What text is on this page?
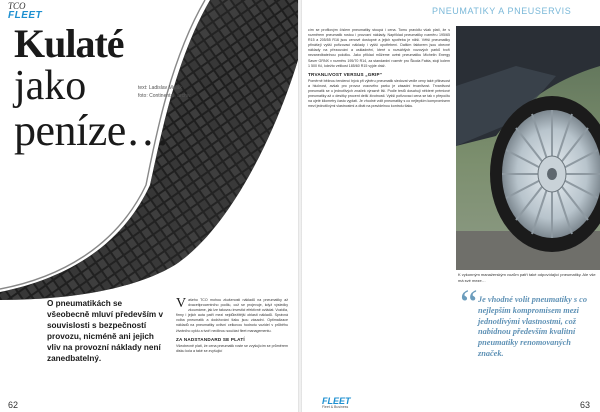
TCO
FLEET
Kulaté
jako
peníze…
text: Ladislav Malák
foto: Continental, archiv
O pneumatikách se všeobecně mluví především v souvislosti s bezpečností provozu, nicméně ani jejich vliv na provozní náklady není zanedbatelný.
V ašeho TCO mohou zkušenosti nákladů na pneumatiky až dvacetiprocentního podílu, což se projevuje, když výsledky zkoumáme, jak lze takovou investici efektivně ovládat. Vozidla, firmy i jejich auta patří mezi nejdůležitější oblasti nákladů. Správná volba pneumatik a dodržování tlaku jsou zásadní. Optimalizace nákladů na pneumatiky ovlivní celkovou hodnotu vozidel v průběhu životního cyklu a tvoří nedílnou součást fleet managementu.
ZA NADSTANDARD SE PLATÍ
Všeobecně platí, že cena pneumatik roste se zvyšujícím se průměrem disku kola a také se zvyšující
62
PNEUMATIKY A PNEUSERVIS
cím se profilovým číslem pneumatiky stoupá i cena. Tomu pravidlu však platí, že s rozměrem pneumatik rostou i provozní náklady. Například pneumatiky rozměru 195/65 R15 a 205/55 R16 jsou cenově dostupné a jejich spotřeba je nižší. Větší pneumatiky přinášejí vyšší pořizovací náklady i vyšší opotřebení. Dalším faktorem jsou obecné náklady na přezouvání a uskladnění, které u rozsáhlých vozových parků tvoří nezanedbatelnou položku. Jako příklad můžeme uvést pneumatiku Michelin Energy Saver GRNX v rozměru 195/70 R14, za standardní rozměr pro Škoda Fabia, stojí kolem 1 500 Kč, kdežto velikost 185/60 R15 vyjde dráž.
TRVANLIVOST VERSUS „GRIP“
Poměrně běžnou tendencí bývá při výběru pneumatik sledovat vedle ceny také přilnavost a hlučnost, avšak pro provoz vozového parku je zásadní trvanlivost. Trvanlivost pneumatik se u jednotlivých značek výrazně liší. Podle testů dosahují některé prémiové pneumatiky až o desítky procent delší životnosti. Vyšší pořizovací cena se tak v přepočtu na ujeté kilometry často vyplatí. Je vhodné volit pneumatiky s co nejlepším kompromisem mezi jednotlivými vlastnostmi a dbát na pravidelnou kontrolu tlaku.
K vykonným manažerským vozům patří také odpovídající pneumatiky. Ale vše má své meze…
“ Je vhodné volit pneumatiky s co nejlepším kompromisem mezi jednotlivými vlastnostmi, což nabídnou především kvalitní pneumatiky renomovaných značek.
FLEET
Fleet & Business	63
